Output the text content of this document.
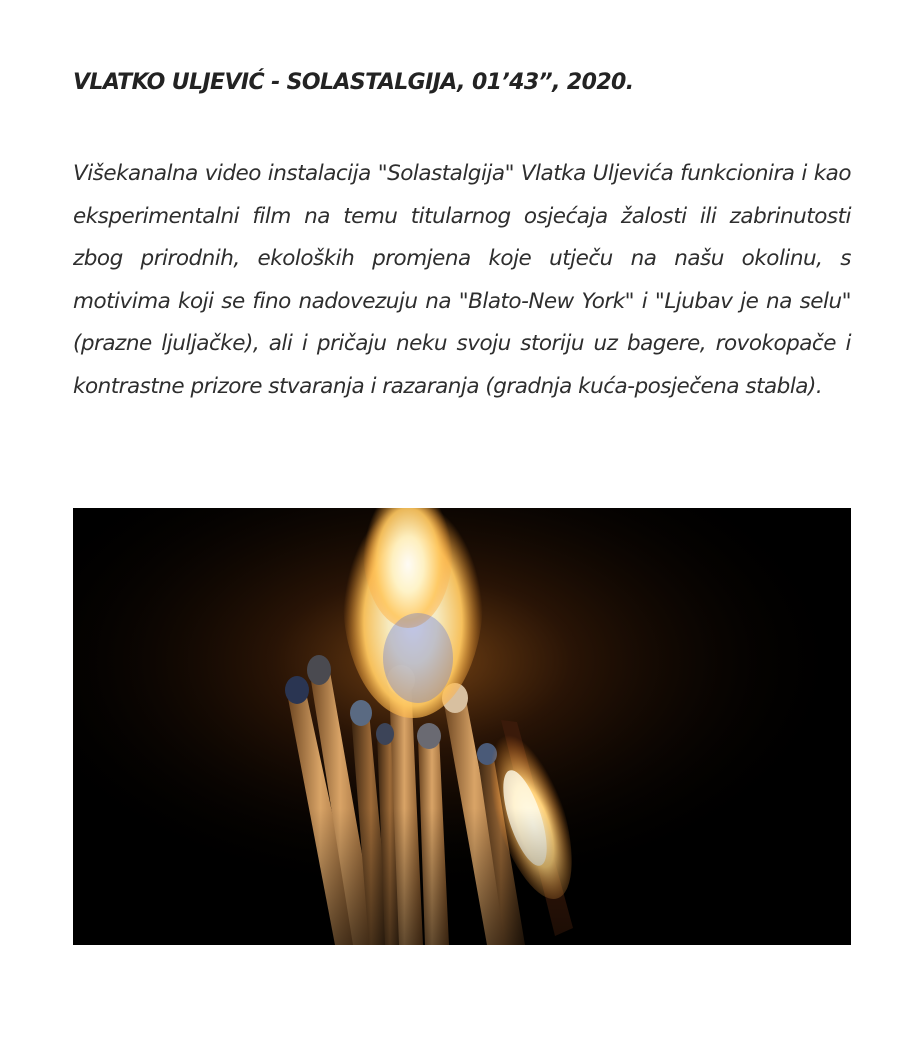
VLATKO ULJEVIĆ - SOLASTALGIJA, 01’43”, 2020.

Višekanalna video instalacija "Solastalgija" Vlatka Uljevića funkcionira i kao eksperimentalni film na temu titularnog osjećaja žalosti ili zabrinutosti zbog prirodnih, ekoloških promjena koje utječu na našu okolinu, s motivima koji se fino nadovezuju na "Blato-New York" i "Ljubav je na selu" (prazne ljuljačke), ali i pričaju neku svoju storiju uz bagere, rovokopače i kontrastne prizore stvaranja i razaranja (gradnja kuća-posječena stabla).
